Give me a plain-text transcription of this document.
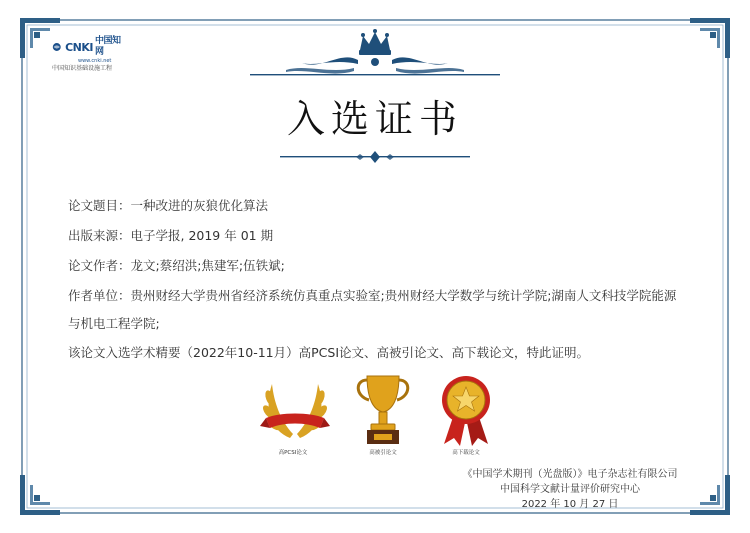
CNKI 中国知网
www.cnki.net
中国知识基础设施工程
入选证书
论文题目：一种改进的灰狼优化算法
出版来源：电子学报, 2019 年 01 期
论文作者：龙文;蔡绍洪;焦建军;伍铁斌;
作者单位：贵州财经大学贵州省经济系统仿真重点实验室;贵州财经大学数学与统计学院;湖南人文科技学院能源
与机电工程学院;
该论文入选学术精要（2022年10-11月）高PCSI论文、高被引论文、高下载论文，特此证明。
高PCSI论文	高被引论文	高下载论文
《中国学术期刊（光盘版）》电子杂志社有限公司
中国科学文献计量评价研究中心
2022 年 10 月 27 日
